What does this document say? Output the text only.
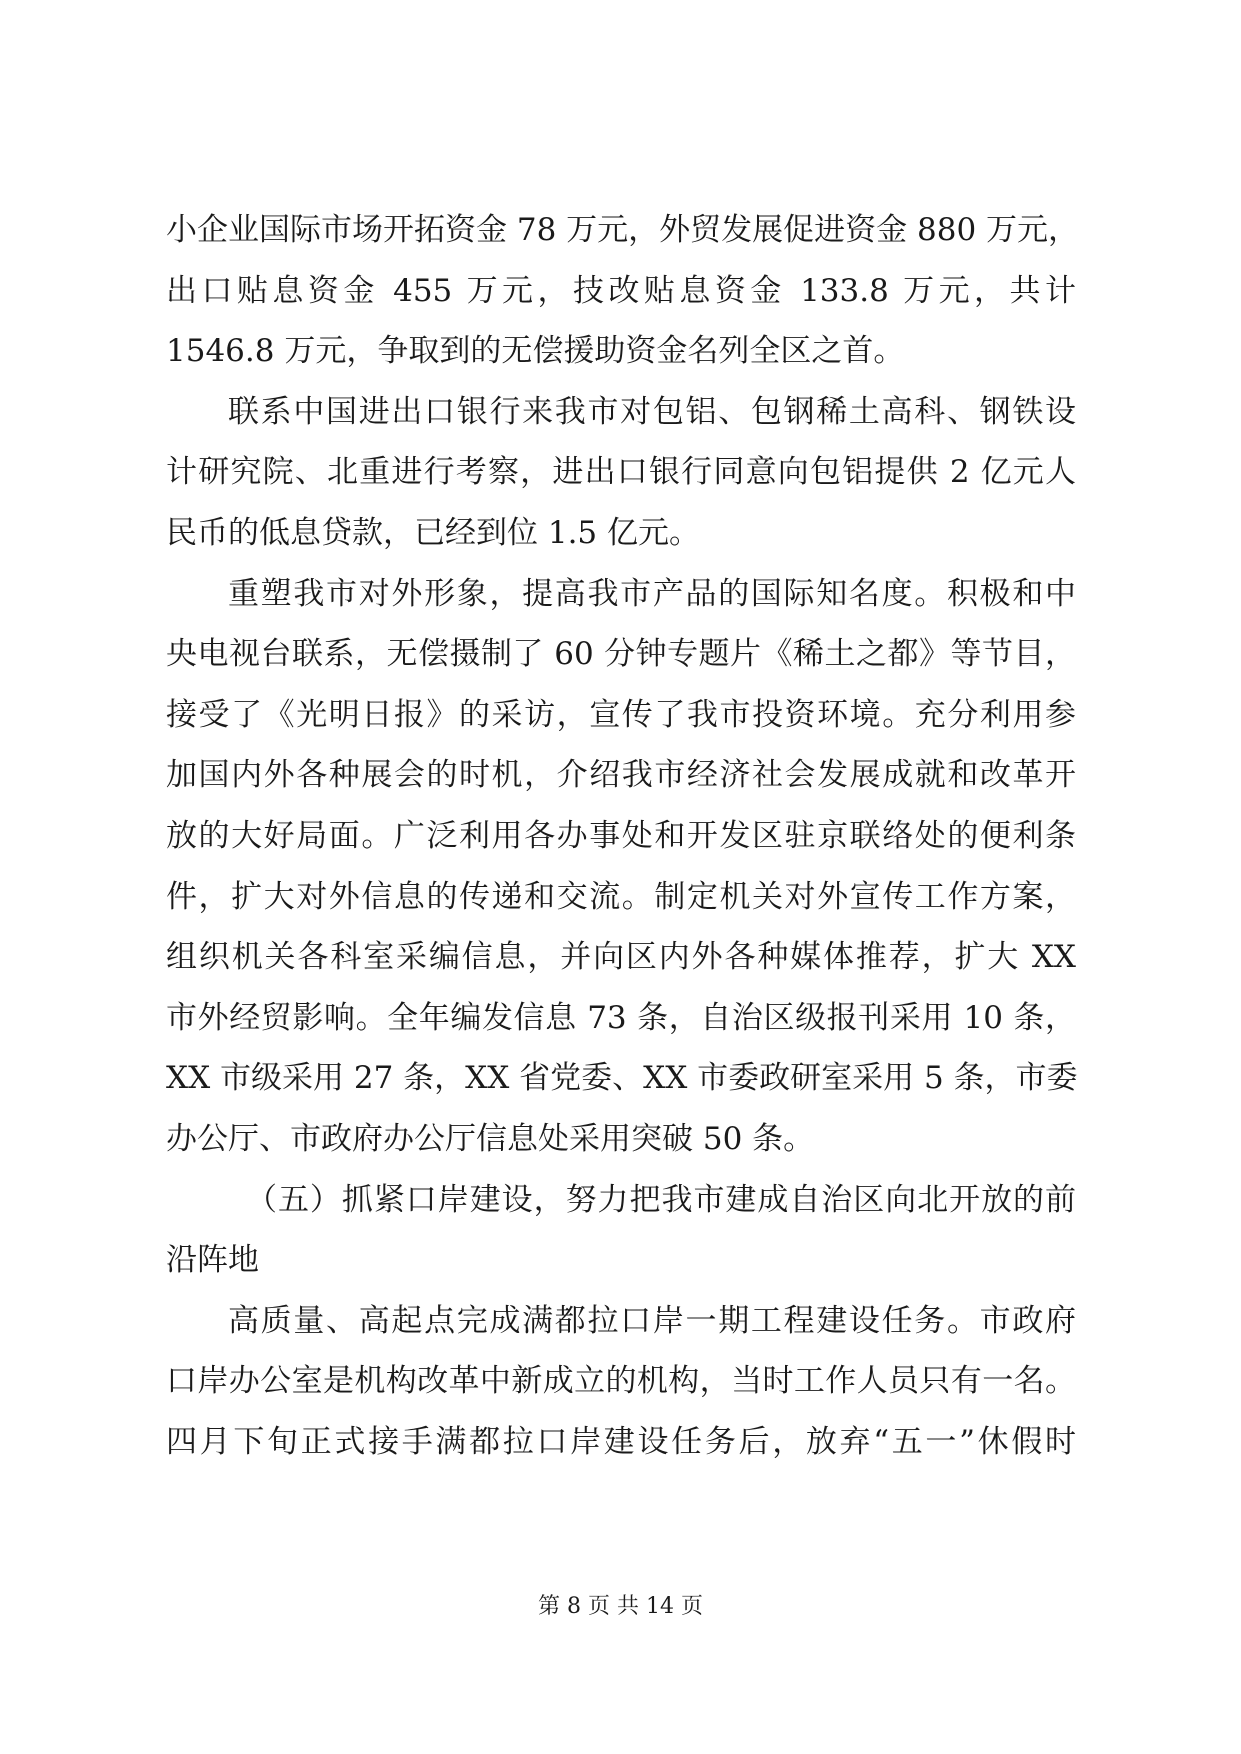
小企业国际市场开拓资金 78 万元，外贸发展促进资金 880 万元，
出口贴息资金 455 万元，技改贴息资金 133.8 万元，共计
1546.8 万元，争取到的无偿援助资金名列全区之首。
联系中国进出口银行来我市对包铝、包钢稀土高科、钢铁设
计研究院、北重进行考察，进出口银行同意向包铝提供 2 亿元人
民币的低息贷款，已经到位 1.5 亿元。
重塑我市对外形象，提高我市产品的国际知名度。积极和中
央电视台联系，无偿摄制了 60 分钟专题片《稀土之都》等节目，
接受了《光明日报》的采访，宣传了我市投资环境。充分利用参
加国内外各种展会的时机，介绍我市经济社会发展成就和改革开
放的大好局面。广泛利用各办事处和开发区驻京联络处的便利条
件，扩大对外信息的传递和交流。制定机关对外宣传工作方案，
组织机关各科室采编信息，并向区内外各种媒体推荐，扩大 XX
市外经贸影响。全年编发信息 73 条，自治区级报刊采用 10 条，
XX 市级采用 27 条，XX 省党委、XX 市委政研室采用 5 条，市委
办公厅、市政府办公厅信息处采用突破 50 条。
（五）抓紧口岸建设，努力把我市建成自治区向北开放的前
沿阵地
高质量、高起点完成满都拉口岸一期工程建设任务。市政府
口岸办公室是机构改革中新成立的机构，当时工作人员只有一名。
四月下旬正式接手满都拉口岸建设任务后，放弃“五一”休假时
第 8 页 共 14 页
